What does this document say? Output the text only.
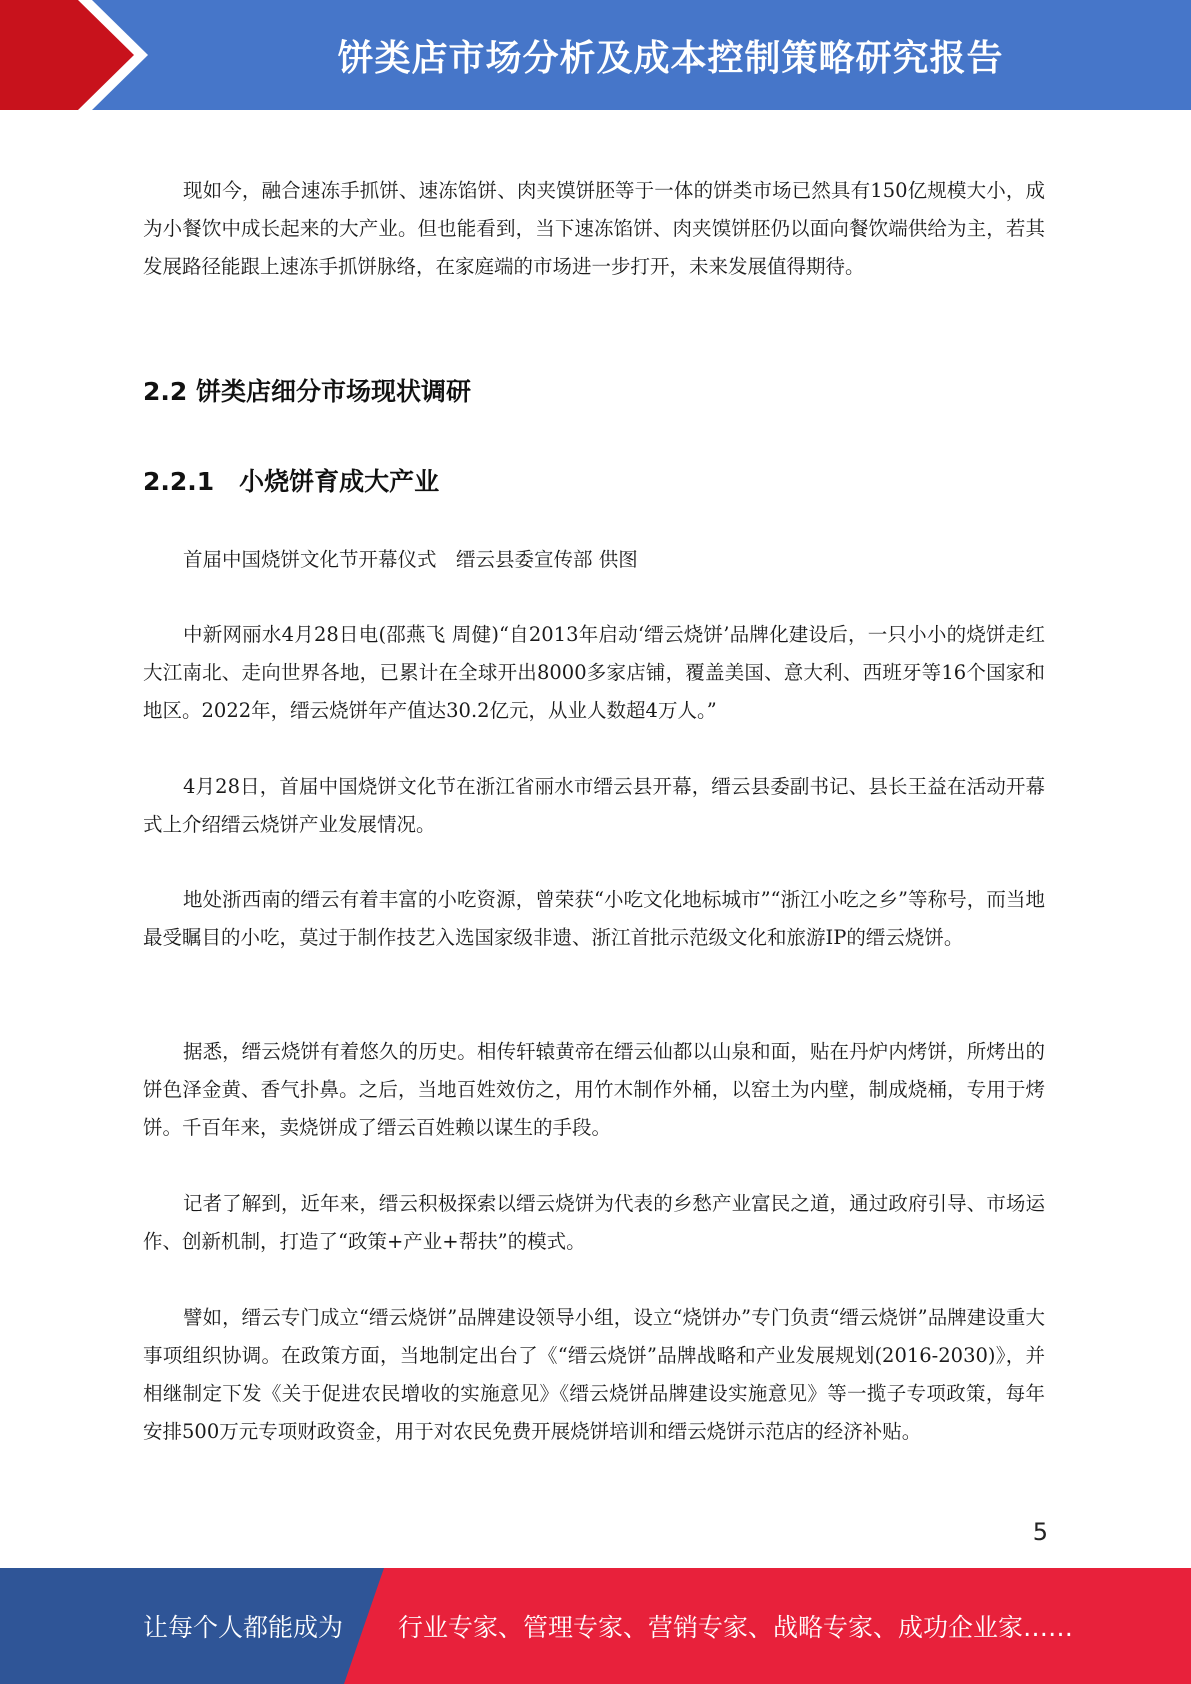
饼类店市场分析及成本控制策略研究报告

现如今，融合速冻手抓饼、速冻馅饼、肉夹馍饼胚等于一体的饼类市场已然具有150亿规模大小，成为小餐饮中成长起来的大产业。但也能看到，当下速冻馅饼、肉夹馍饼胚仍以面向餐饮端供给为主，若其发展路径能跟上速冻手抓饼脉络，在家庭端的市场进一步打开，未来发展值得期待。

2.2 饼类店细分市场现状调研
2.2.1　小烧饼育成大产业

首届中国烧饼文化节开幕仪式　缙云县委宣传部 供图

中新网丽水4月28日电(邵燕飞 周健)“自2013年启动‘缙云烧饼’品牌化建设后，一只小小的烧饼走红大江南北、走向世界各地，已累计在全球开出8000多家店铺，覆盖美国、意大利、西班牙等16个国家和地区。2022年，缙云烧饼年产值达30.2亿元，从业人数超4万人。”

4月28日，首届中国烧饼文化节在浙江省丽水市缙云县开幕，缙云县委副书记、县长王益在活动开幕式上介绍缙云烧饼产业发展情况。

地处浙西南的缙云有着丰富的小吃资源，曾荣获“小吃文化地标城市”“浙江小吃之乡”等称号，而当地最受瞩目的小吃，莫过于制作技艺入选国家级非遗、浙江首批示范级文化和旅游IP的缙云烧饼。

据悉，缙云烧饼有着悠久的历史。相传轩辕黄帝在缙云仙都以山泉和面，贴在丹炉内烤饼，所烤出的饼色泽金黄、香气扑鼻。之后，当地百姓效仿之，用竹木制作外桶，以窑土为内壁，制成烧桶，专用于烤饼。千百年来，卖烧饼成了缙云百姓赖以谋生的手段。

记者了解到，近年来，缙云积极探索以缙云烧饼为代表的乡愁产业富民之道，通过政府引导、市场运作、创新机制，打造了“政策+产业+帮扶”的模式。

譬如，缙云专门成立“缙云烧饼”品牌建设领导小组，设立“烧饼办”专门负责“缙云烧饼”品牌建设重大事项组织协调。在政策方面，当地制定出台了《“缙云烧饼”品牌战略和产业发展规划(2016-2030)》，并相继制定下发《关于促进农民增收的实施意见》《缙云烧饼品牌建设实施意见》等一揽子专项政策，每年安排500万元专项财政资金，用于对农民免费开展烧饼培训和缙云烧饼示范店的经济补贴。

5
让每个人都能成为 行业专家、管理专家、营销专家、战略专家、成功企业家……
